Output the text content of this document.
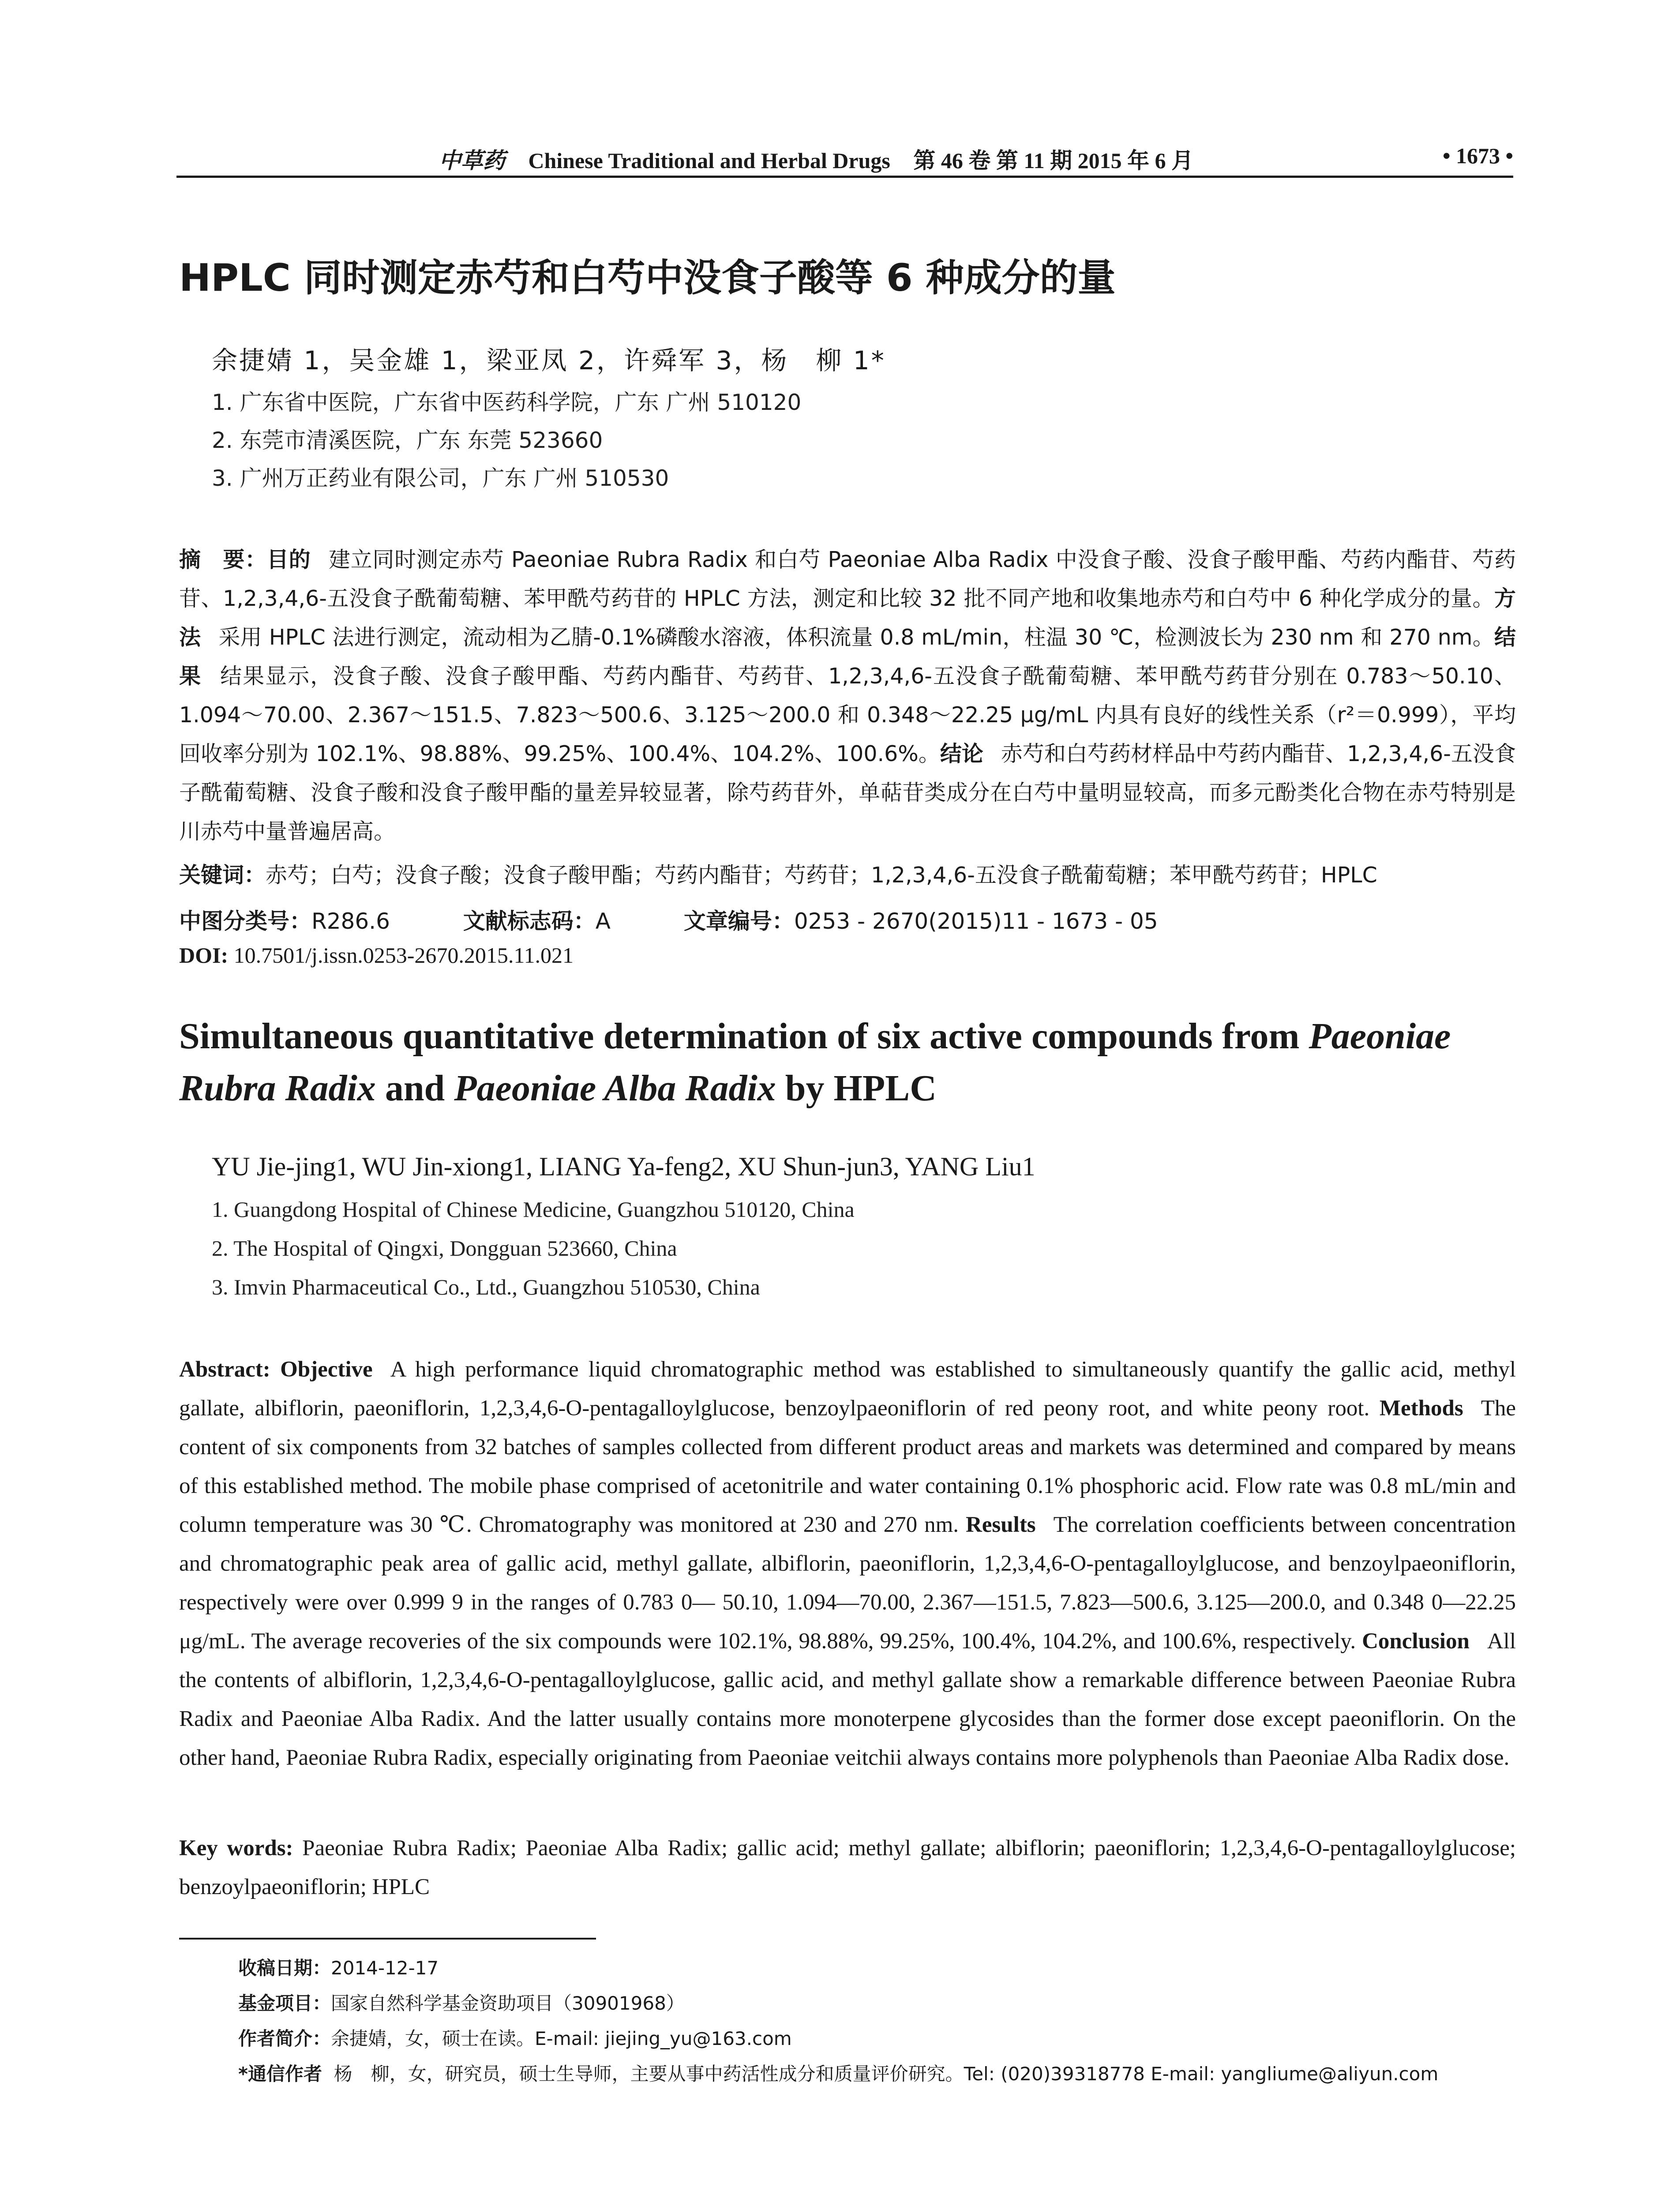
中草药 Chinese Traditional and Herbal Drugs 第 46 卷 第 11 期 2015 年 6 月	• 1673 •
HPLC 同时测定赤芍和白芍中没食子酸等 6 种成分的量
余捷婧 1，吴金雄 1，梁亚凤 2，许舜军 3，杨　柳 1*
1. 广东省中医院，广东省中医药科学院，广东 广州 510120
2. 东莞市清溪医院，广东 东莞 523660
3. 广州万正药业有限公司，广东 广州 510530
摘　要：目的 建立同时测定赤芍 Paeoniae Rubra Radix 和白芍 Paeoniae Alba Radix 中没食子酸、没食子酸甲酯、芍药内酯苷、芍药苷、1,2,3,4,6-五没食子酰葡萄糖、苯甲酰芍药苷的 HPLC 方法，测定和比较 32 批不同产地和收集地赤芍和白芍中 6 种化学成分的量。方法 采用 HPLC 法进行测定，流动相为乙腈-0.1%磷酸水溶液，体积流量 0.8 mL/min，柱温 30 ℃，检测波长为 230 nm 和 270 nm。结果 结果显示，没食子酸、没食子酸甲酯、芍药内酯苷、芍药苷、1,2,3,4,6-五没食子酰葡萄糖、苯甲酰芍药苷分别在 0.783～50.10、1.094～70.00、2.367～151.5、7.823～500.6、3.125～200.0 和 0.348～22.25 μg/mL 内具有良好的线性关系（r²＝0.999），平均回收率分别为 102.1%、98.88%、99.25%、100.4%、104.2%、100.6%。结论 赤芍和白芍药材样品中芍药内酯苷、1,2,3,4,6-五没食子酰葡萄糖、没食子酸和没食子酸甲酯的量差异较显著，除芍药苷外，单萜苷类成分在白芍中量明显较高，而多元酚类化合物在赤芍特别是川赤芍中量普遍居高。
关键词：赤芍；白芍；没食子酸；没食子酸甲酯；芍药内酯苷；芍药苷；1,2,3,4,6-五没食子酰葡萄糖；苯甲酰芍药苷；HPLC
中图分类号：R286.6	文献标志码：A	文章编号：0253 - 2670(2015)11 - 1673 - 05
DOI: 10.7501/j.issn.0253-2670.2015.11.021
Simultaneous quantitative determination of six active compounds from Paeoniae Rubra Radix and Paeoniae Alba Radix by HPLC
YU Jie-jing1, WU Jin-xiong1, LIANG Ya-feng2, XU Shun-jun3, YANG Liu1
1. Guangdong Hospital of Chinese Medicine, Guangzhou 510120, China
2. The Hospital of Qingxi, Dongguan 523660, China
3. Imvin Pharmaceutical Co., Ltd., Guangzhou 510530, China
Abstract: Objective A high performance liquid chromatographic method was established to simultaneously quantify the gallic acid, methyl gallate, albiflorin, paeoniflorin, 1,2,3,4,6-O-pentagalloylglucose, benzoylpaeoniflorin of red peony root, and white peony root. Methods The content of six components from 32 batches of samples collected from different product areas and markets was determined and compared by means of this established method. The mobile phase comprised of acetonitrile and water containing 0.1% phosphoric acid. Flow rate was 0.8 mL/min and column temperature was 30 ℃. Chromatography was monitored at 230 and 270 nm. Results The correlation coefficients between concentration and chromatographic peak area of gallic acid, methyl gallate, albiflorin, paeoniflorin, 1,2,3,4,6-O-pentagalloylglucose, and benzoylpaeoniflorin, respectively were over 0.999 9 in the ranges of 0.783 0— 50.10, 1.094—70.00, 2.367—151.5, 7.823—500.6, 3.125—200.0, and 0.348 0—22.25 μg/mL. The average recoveries of the six compounds were 102.1%, 98.88%, 99.25%, 100.4%, 104.2%, and 100.6%, respectively. Conclusion All the contents of albiflorin, 1,2,3,4,6-O-pentagalloylglucose, gallic acid, and methyl gallate show a remarkable difference between Paeoniae Rubra Radix and Paeoniae Alba Radix. And the latter usually contains more monoterpene glycosides than the former dose except paeoniflorin. On the other hand, Paeoniae Rubra Radix, especially originating from Paeoniae veitchii always contains more polyphenols than Paeoniae Alba Radix dose.
Key words: Paeoniae Rubra Radix; Paeoniae Alba Radix; gallic acid; methyl gallate; albiflorin; paeoniflorin; 1,2,3,4,6-O-pentagalloylglucose; benzoylpaeoniflorin; HPLC
收稿日期：2014-12-17
基金项目：国家自然科学基金资助项目（30901968）
作者简介：余捷婧，女，硕士在读。E-mail: jiejing_yu@163.com
*通信作者 杨　柳，女，研究员，硕士生导师，主要从事中药活性成分和质量评价研究。Tel: (020)39318778 E-mail: yangliume@aliyun.com
